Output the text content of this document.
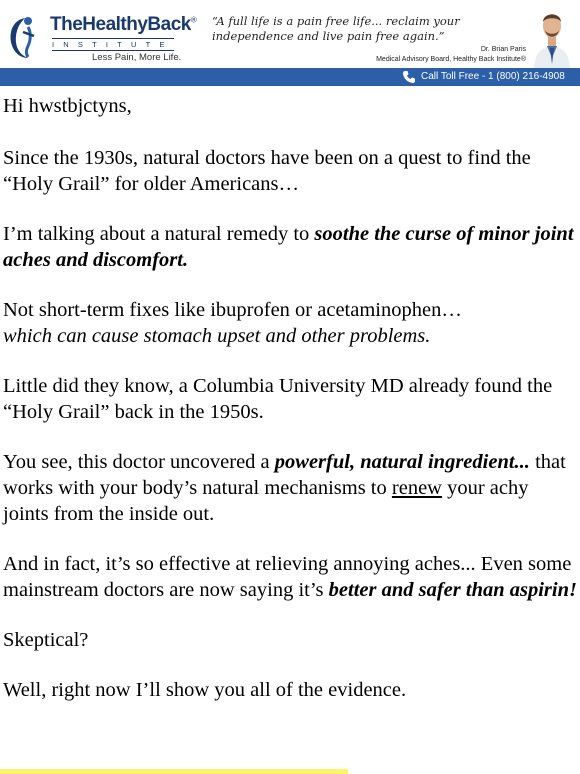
TheHealthyBack®
INSTITUTE
Less Pain, More Life.
“A full life is a pain free life... reclaim your independence and live pain free again.”
Dr. Brian Paris
Medical Advisory Board, Healthy Back Institute®
Call Toll Free - 1 (800) 216-4908

Hi hwstbjctyns,

Since the 1930s, natural doctors have been on a quest to find the “Holy Grail” for older Americans…

I’m talking about a natural remedy to soothe the curse of minor joint aches and discomfort.

Not short-term fixes like ibuprofen or acetaminophen…
which can cause stomach upset and other problems.

Little did they know, a Columbia University MD already found the “Holy Grail” back in the 1950s.

You see, this doctor uncovered a powerful, natural ingredient... that works with your body’s natural mechanisms to renew your achy joints from the inside out.

And in fact, it’s so effective at relieving annoying aches... Even some mainstream doctors are now saying it’s better and safer than aspirin!

Skeptical?

Well, right now I’ll show you all of the evidence.
